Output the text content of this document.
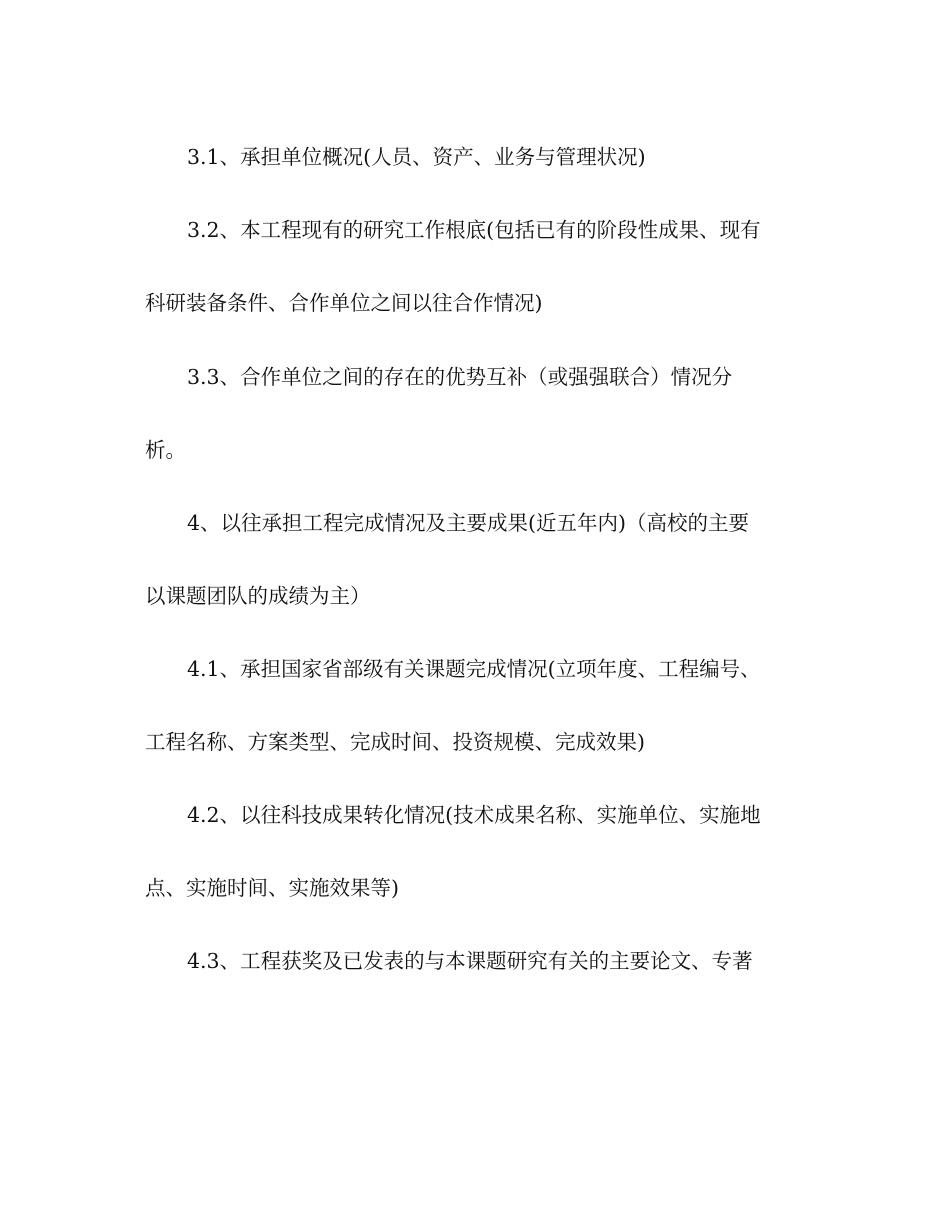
3.1、承担单位概况(人员、资产、业务与管理状况)
3.2、本工程现有的研究工作根底(包括已有的阶段性成果、现有
科研装备条件、合作单位之间以往合作情况)
3.3、合作单位之间的存在的优势互补（或强强联合）情况分
析。
4、以往承担工程完成情况及主要成果(近五年内)（高校的主要
以课题团队的成绩为主）
4.1、承担国家省部级有关课题完成情况(立项年度、工程编号、
工程名称、方案类型、完成时间、投资规模、完成效果)
4.2、以往科技成果转化情况(技术成果名称、实施单位、实施地
点、实施时间、实施效果等)
4.3、工程获奖及已发表的与本课题研究有关的主要论文、专著
